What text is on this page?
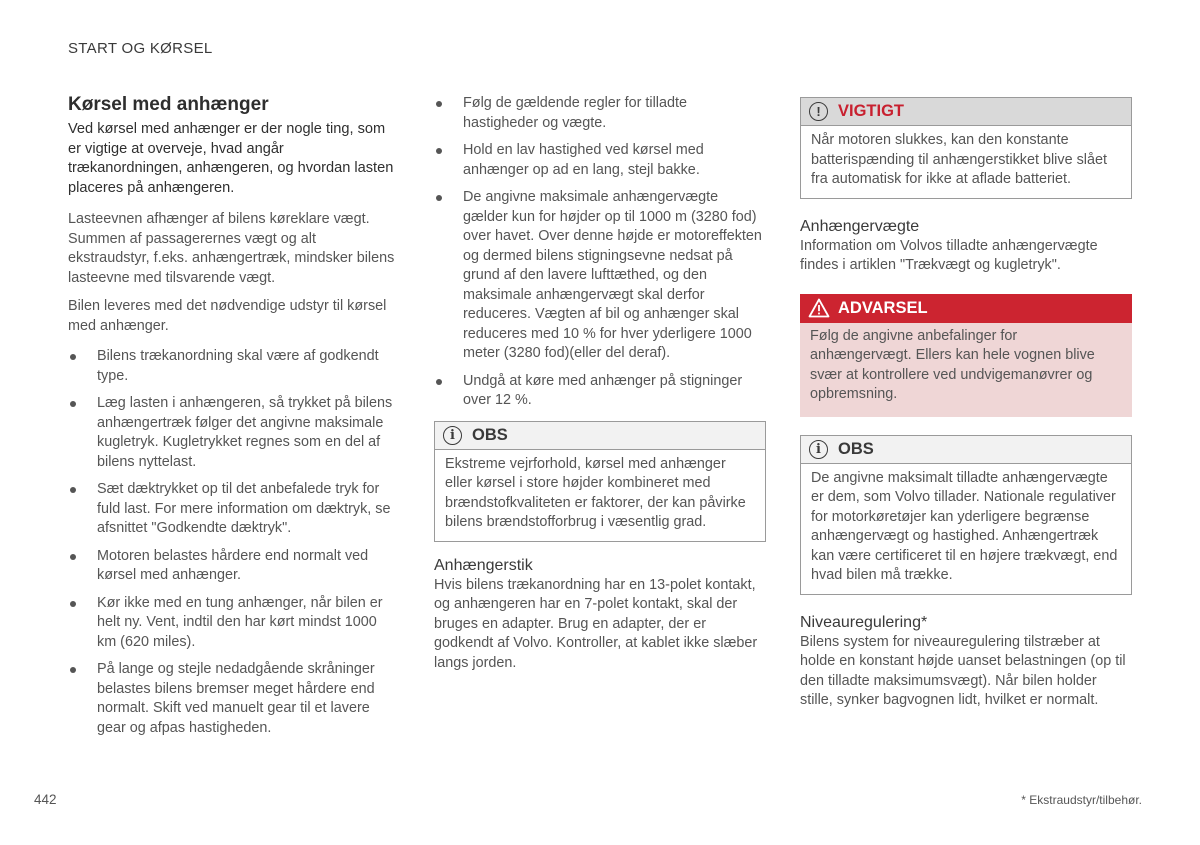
START OG KØRSEL
Kørsel med anhænger
Ved kørsel med anhænger er der nogle ting, som er vigtige at overveje, hvad angår trækanordningen, anhængeren, og hvordan lasten placeres på anhængeren.
Lasteevnen afhænger af bilens køreklare vægt. Summen af passagerernes vægt og alt ekstraudstyr, f.eks. anhængertræk, mindsker bilens lasteevne med tilsvarende vægt.
Bilen leveres med det nødvendige udstyr til kørsel med anhænger.
Bilens trækanordning skal være af godkendt type.
Læg lasten i anhængeren, så trykket på bilens anhængertræk følger det angivne maksimale kugletryk. Kugletrykket regnes som en del af bilens nyttelast.
Sæt dæktrykket op til det anbefalede tryk for fuld last. For mere information om dæktryk, se afsnittet "Godkendte dæktryk".
Motoren belastes hårdere end normalt ved kørsel med anhænger.
Kør ikke med en tung anhænger, når bilen er helt ny. Vent, indtil den har kørt mindst 1000 km (620 miles).
På lange og stejle nedadgående skråninger belastes bilens bremser meget hårdere end normalt. Skift ved manuelt gear til et lavere gear og afpas hastigheden.
Følg de gældende regler for tilladte hastigheder og vægte.
Hold en lav hastighed ved kørsel med anhænger op ad en lang, stejl bakke.
De angivne maksimale anhængervægte gælder kun for højder op til 1000 m (3280 fod) over havet. Over denne højde er motoreffekten og dermed bilens stigningsevne nedsat på grund af den lavere lufttæthed, og den maksimale anhængervægt skal derfor reduceres. Vægten af bil og anhænger skal reduceres med 10 % for hver yderligere 1000 meter (3280 fod)(eller del deraf).
Undgå at køre med anhænger på stigninger over 12 %.
i	OBS
Ekstreme vejrforhold, kørsel med anhænger eller kørsel i store højder kombineret med brændstofkvaliteten er faktorer, der kan påvirke bilens brændstofforbrug i væsentlig grad.
Anhængerstik
Hvis bilens trækanordning har en 13-polet kontakt, og anhængeren har en 7-polet kontakt, skal der bruges en adapter. Brug en adapter, der er godkendt af Volvo. Kontroller, at kablet ikke slæber langs jorden.
!	VIGTIGT
Når motoren slukkes, kan den konstante batterispænding til anhængerstikket blive slået fra automatisk for ikke at aflade batteriet.
Anhængervægte
Information om Volvos tilladte anhængervægte findes i artiklen "Trækvægt og kugletryk".
ADVARSEL
Følg de angivne anbefalinger for anhængervægt. Ellers kan hele vognen blive svær at kontrollere ved undvigemanøvrer og opbremsning.
i	OBS
De angivne maksimalt tilladte anhængervægte er dem, som Volvo tillader. Nationale regulativer for motorkøretøjer kan yderligere begrænse anhængervægt og hastighed. Anhængertræk kan være certificeret til en højere trækvægt, end hvad bilen må trække.
Niveauregulering*
Bilens system for niveauregulering tilstræber at holde en konstant højde uanset belastningen (op til den tilladte maksimumsvægt). Når bilen holder stille, synker bagvognen lidt, hvilket er normalt.
442	* Ekstraudstyr/tilbehør.
